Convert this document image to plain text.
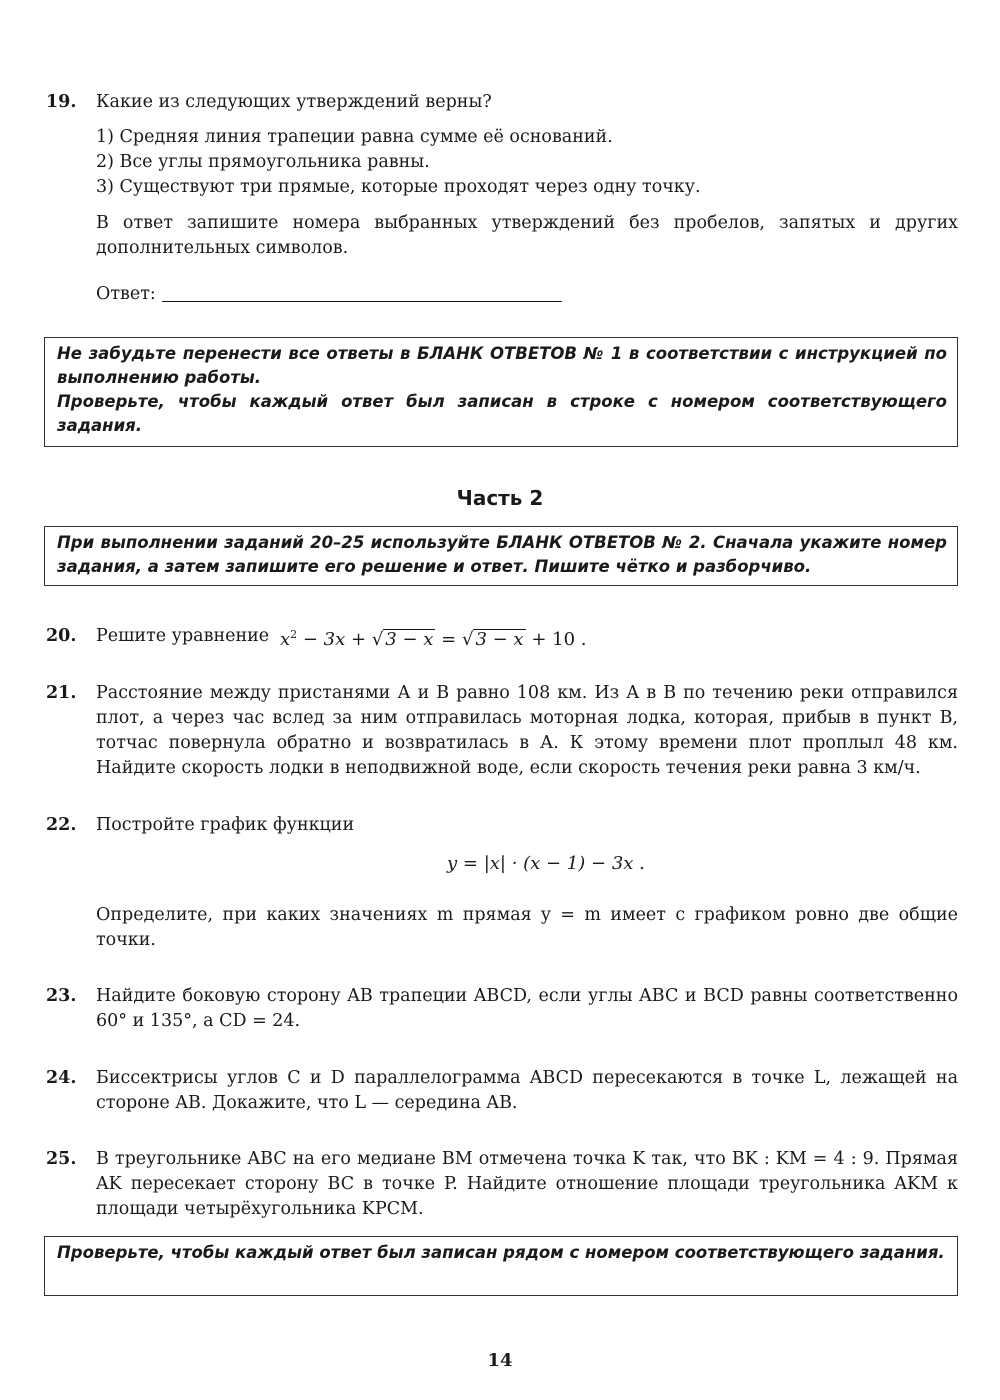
19. Какие из следующих утверждений верны?
1) Средняя линия трапеции равна сумме её оснований.
2) Все углы прямоугольника равны.
3) Существуют три прямые, которые проходят через одну точку.
В ответ запишите номера выбранных утверждений без пробелов, запятых и других дополнительных символов.
Ответ:
Не забудьте перенести все ответы в БЛАНК ОТВЕТОВ № 1 в соответствии с инструкцией по выполнению работы.
Проверьте, чтобы каждый ответ был записан в строке с номером соответствующего задания.
Часть 2
При выполнении заданий 20–25 используйте БЛАНК ОТВЕТОВ № 2. Сначала укажите номер задания, а затем запишите его решение и ответ. Пишите чётко и разборчиво.
20. Решите уравнение $x^2 - 3x$ + √ 3 − x = √ 3 − x + 10 .
21. Расстояние между пристанями А и В равно 108 км. Из А в В по течению реки отправился плот, а через час вслед за ним отправилась моторная лодка, которая, прибыв в пункт В, тотчас повернула обратно и возвратилась в А. К этому времени плот проплыл 48 км. Найдите скорость лодки в неподвижной воде, если скорость течения реки равна 3 км/ч.
22. Постройте график функции
y = |x| · (x − 1) − 3x .
Определите, при каких значениях m прямая y = m имеет с графиком ровно две общие точки.
23. Найдите боковую сторону AB трапеции ABCD, если углы ABC и BCD равны соответственно 60° и 135°, а CD = 24.
24. Биссектрисы углов C и D параллелограмма ABCD пересекаются в точке L, лежащей на стороне AB. Докажите, что L — середина AB.
25. В треугольнике ABC на его медиане BM отмечена точка K так, что BK : KM = 4 : 9. Прямая AK пересекает сторону BC в точке P. Найдите отношение площади треугольника AKM к площади четырёхугольника KPCM.
Проверьте, чтобы каждый ответ был записан рядом с номером соответствующего задания.
14
